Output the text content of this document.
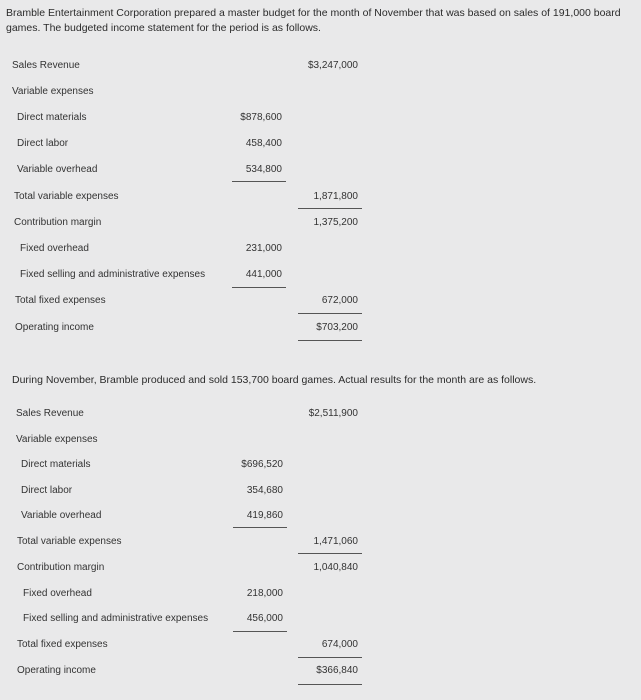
Bramble Entertainment Corporation prepared a master budget for the month of November that was based on sales of 191,000 board games. The budgeted income statement for the period is as follows.
Sales Revenue	$3,247,000
Variable expenses
Direct materials	$878,600
Direct labor	458,400
Variable overhead	534,800
Total variable expenses	1,871,800
Contribution margin	1,375,200
Fixed overhead	231,000
Fixed selling and administrative expenses	441,000
Total fixed expenses	672,000
Operating income	$703,200
During November, Bramble produced and sold 153,700 board games. Actual results for the month are as follows.
Sales Revenue	$2,511,900
Variable expenses
Direct materials	$696,520
Direct labor	354,680
Variable overhead	419,860
Total variable expenses	1,471,060
Contribution margin	1,040,840
Fixed overhead	218,000
Fixed selling and administrative expenses	456,000
Total fixed expenses	674,000
Operating income	$366,840
